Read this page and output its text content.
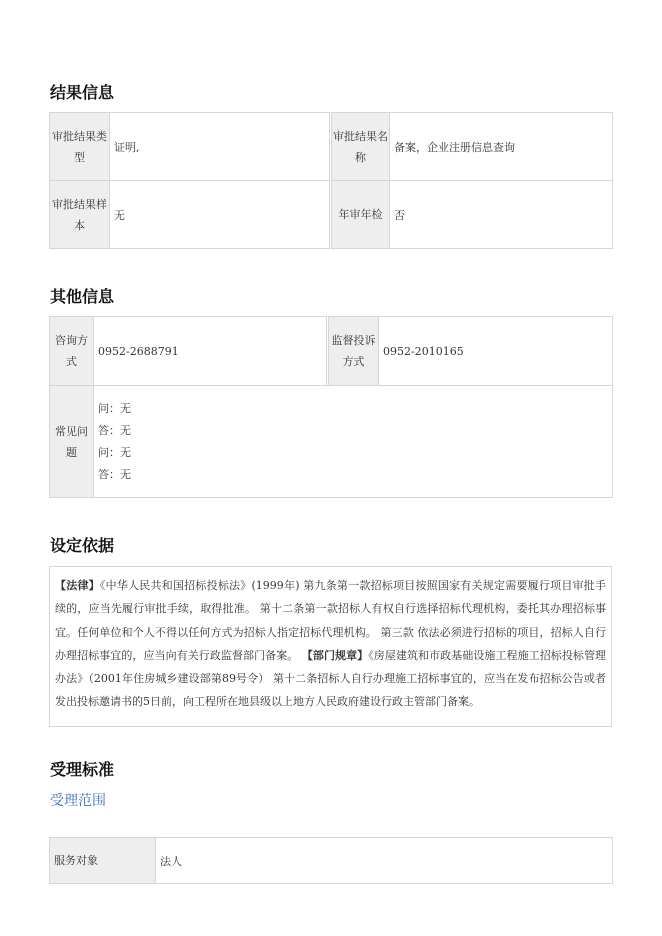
结果信息
审批结果类型	证明,		审批结果名称	备案，企业注册信息查询
审批结果样本	无		年审年检	否
其他信息
咨询方式	0952-2688791		监督投诉方式	0952-2010165
常见问题	问：无
答：无
问：无
答：无			
设定依据
【法律】《中华人民共和国招标投标法》(1999年) 第九条第一款招标项目按照国家有关规定需要履行项目审批手续的，应当先履行审批手续，取得批准。 第十二条第一款招标人有权自行选择招标代理机构，委托其办理招标事宜。任何单位和个人不得以任何方式为招标人指定招标代理机构。 第三款 依法必须进行招标的项目，招标人自行办理招标事宜的，应当向有关行政监督部门备案。 【部门规章】《房屋建筑和市政基础设施工程施工招标投标管理办法》（2001年住房城乡建设部第89号令） 第十二条招标人自行办理施工招标事宜的，应当在发布招标公告或者发出投标邀请书的5日前，向工程所在地县级以上地方人民政府建设行政主管部门备案。
受理标准
受理范围
服务对象	法人
